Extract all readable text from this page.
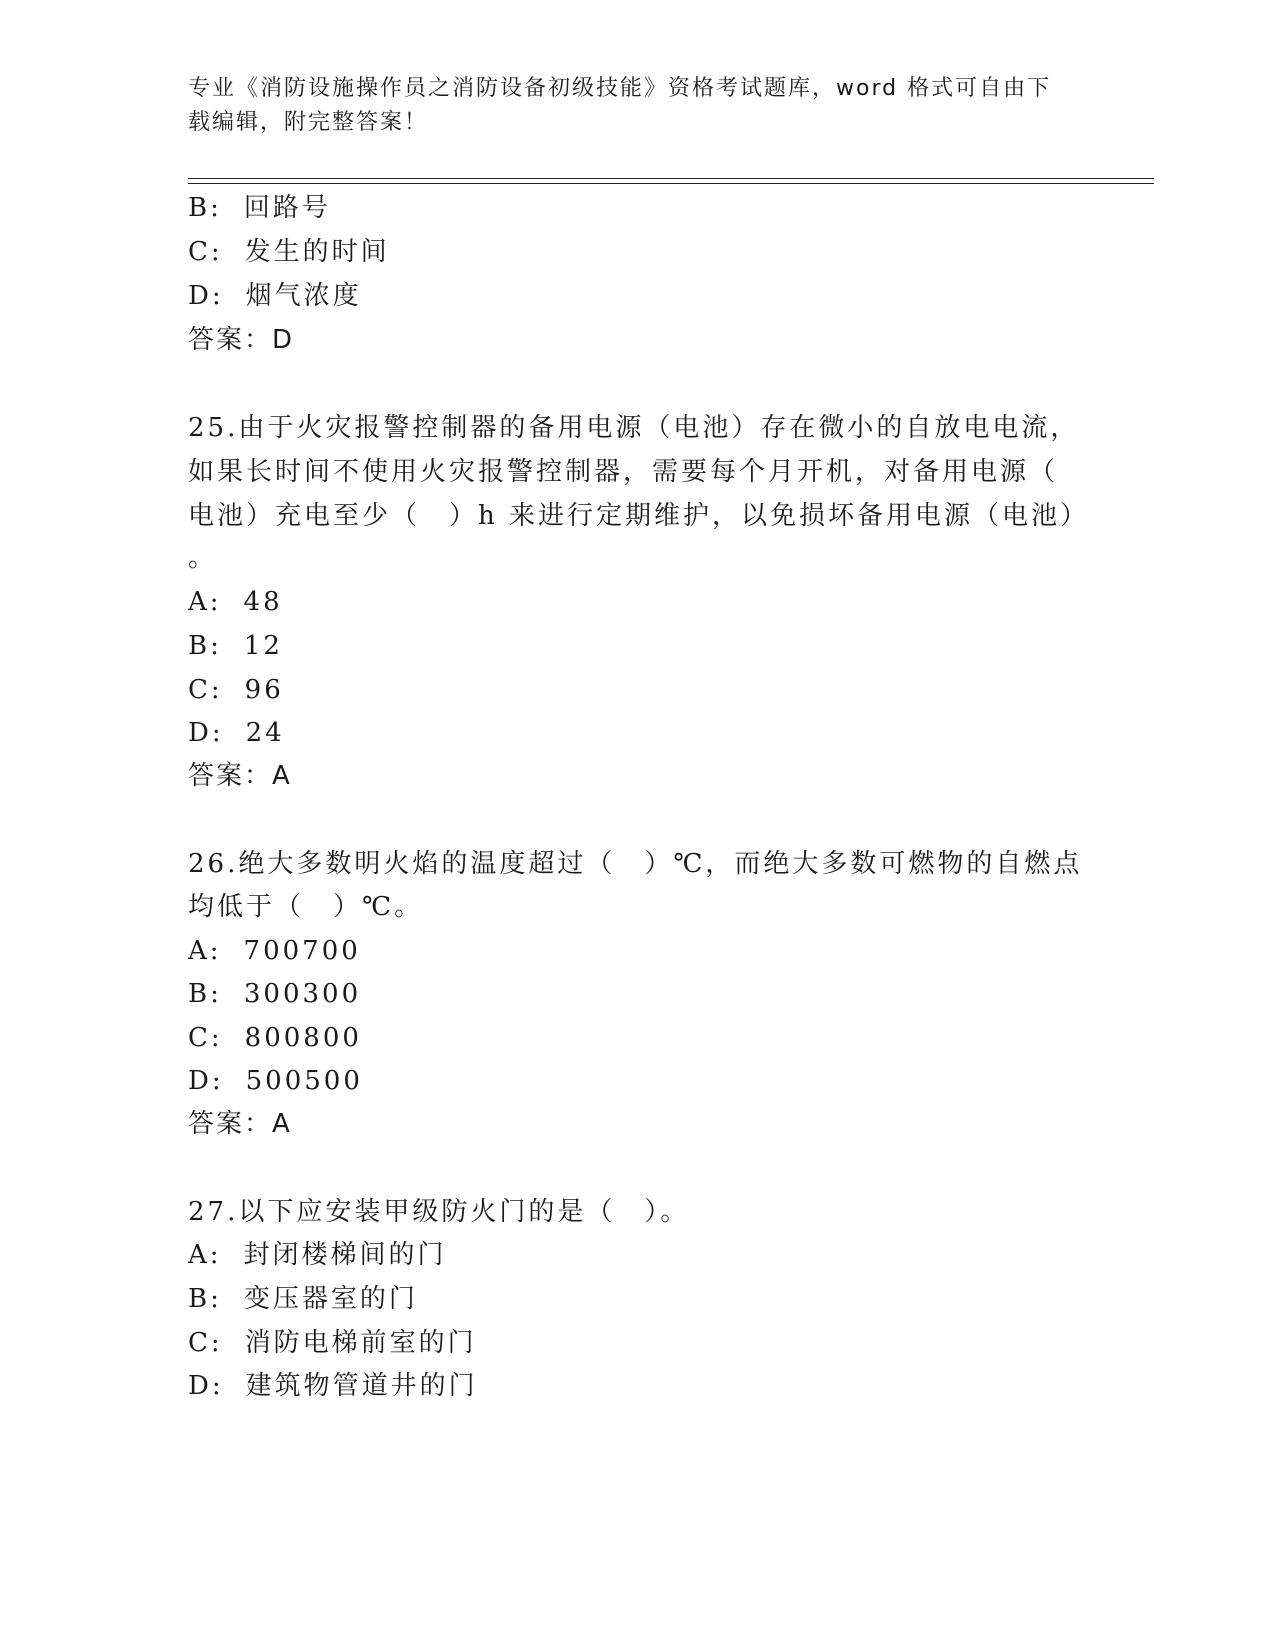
专业《消防设施操作员之消防设备初级技能》资格考试题库，word 格式可自由下
载编辑，附完整答案！
B: 回路号
C: 发生的时间
D: 烟气浓度
答案：D
25.由于火灾报警控制器的备用电源（电池）存在微小的自放电电流，
如果长时间不使用火灾报警控制器，需要每个月开机，对备用电源（
电池）充电至少（　）h 来进行定期维护，以免损坏备用电源（电池）
。
A: 48
B: 12
C: 96
D: 24
答案：A
26.绝大多数明火焰的温度超过（　）℃，而绝大多数可燃物的自燃点
均低于（　）℃。
A: 700700
B: 300300
C: 800800
D: 500500
答案：A
27.以下应安装甲级防火门的是（　）。
A: 封闭楼梯间的门
B: 变压器室的门
C: 消防电梯前室的门
D: 建筑物管道井的门
